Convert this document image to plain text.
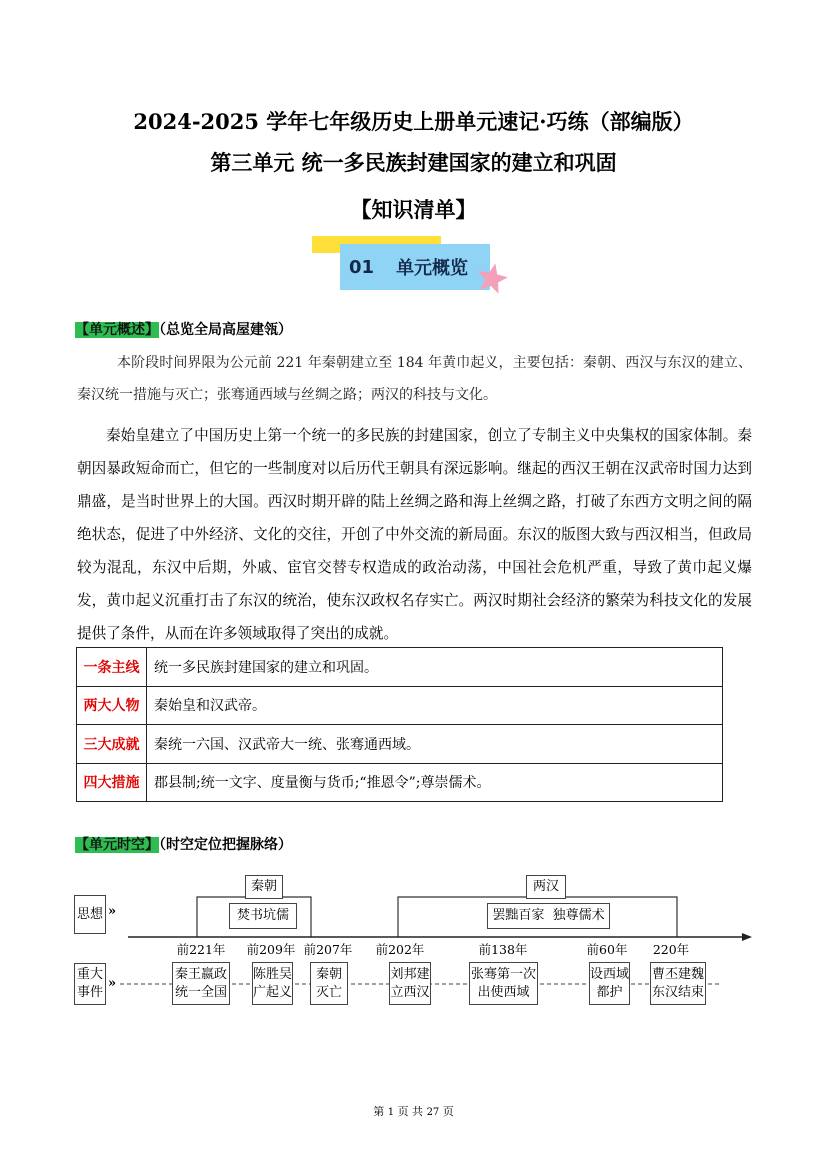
2024-2025 学年七年级历史上册单元速记·巧练（部编版）
第三单元 统一多民族封建国家的建立和巩固
【知识清单】
01 单元概览
【单元概述】（总览全局高屋建瓴）

本阶段时间界限为公元前 221 年秦朝建立至 184 年黄巾起义，主要包括：秦朝、西汉与东汉的建立、秦汉统一措施与灭亡；张骞通西域与丝绸之路；两汉的科技与文化。

秦始皇建立了中国历史上第一个统一的多民族的封建国家，创立了专制主义中央集权的国家体制。秦朝因暴政短命而亡，但它的一些制度对以后历代王朝具有深远影响。继起的西汉王朝在汉武帝时国力达到鼎盛，是当时世界上的大国。西汉时期开辟的陆上丝绸之路和海上丝绸之路，打破了东西方文明之间的隔绝状态，促进了中外经济、文化的交往，开创了中外交流的新局面。东汉的版图大致与西汉相当，但政局较为混乱，东汉中后期，外戚、宦官交替专权造成的政治动荡，中国社会危机严重，导致了黄巾起义爆发，黄巾起义沉重打击了东汉的统治，使东汉政权名存实亡。两汉时期社会经济的繁荣为科技文化的发展提供了条件，从而在许多领域取得了突出的成就。

一条主线	统一多民族封建国家的建立和巩固。
两大人物	秦始皇和汉武帝。
三大成就	秦统一六国、汉武帝大一统、张骞通西域。
四大措施	郡县制;统一文字、度量衡与货币;“推恩令”;尊崇儒术。
【单元时空】（时空定位把握脉络）
思想 »
重大
事件
»
秦朝
焚书坑儒
两汉
罢黜百家  独尊儒术
前221年	前209年 前207年	前202年	前138年	前60年	220年
秦王嬴政
统一全国
陈胜吴
广起义
秦朝
灭亡
刘邦建
立西汉
张骞第一次
出使西域
设西域
都护
曹丕建魏
东汉结束
第 1 页 共 27 页
